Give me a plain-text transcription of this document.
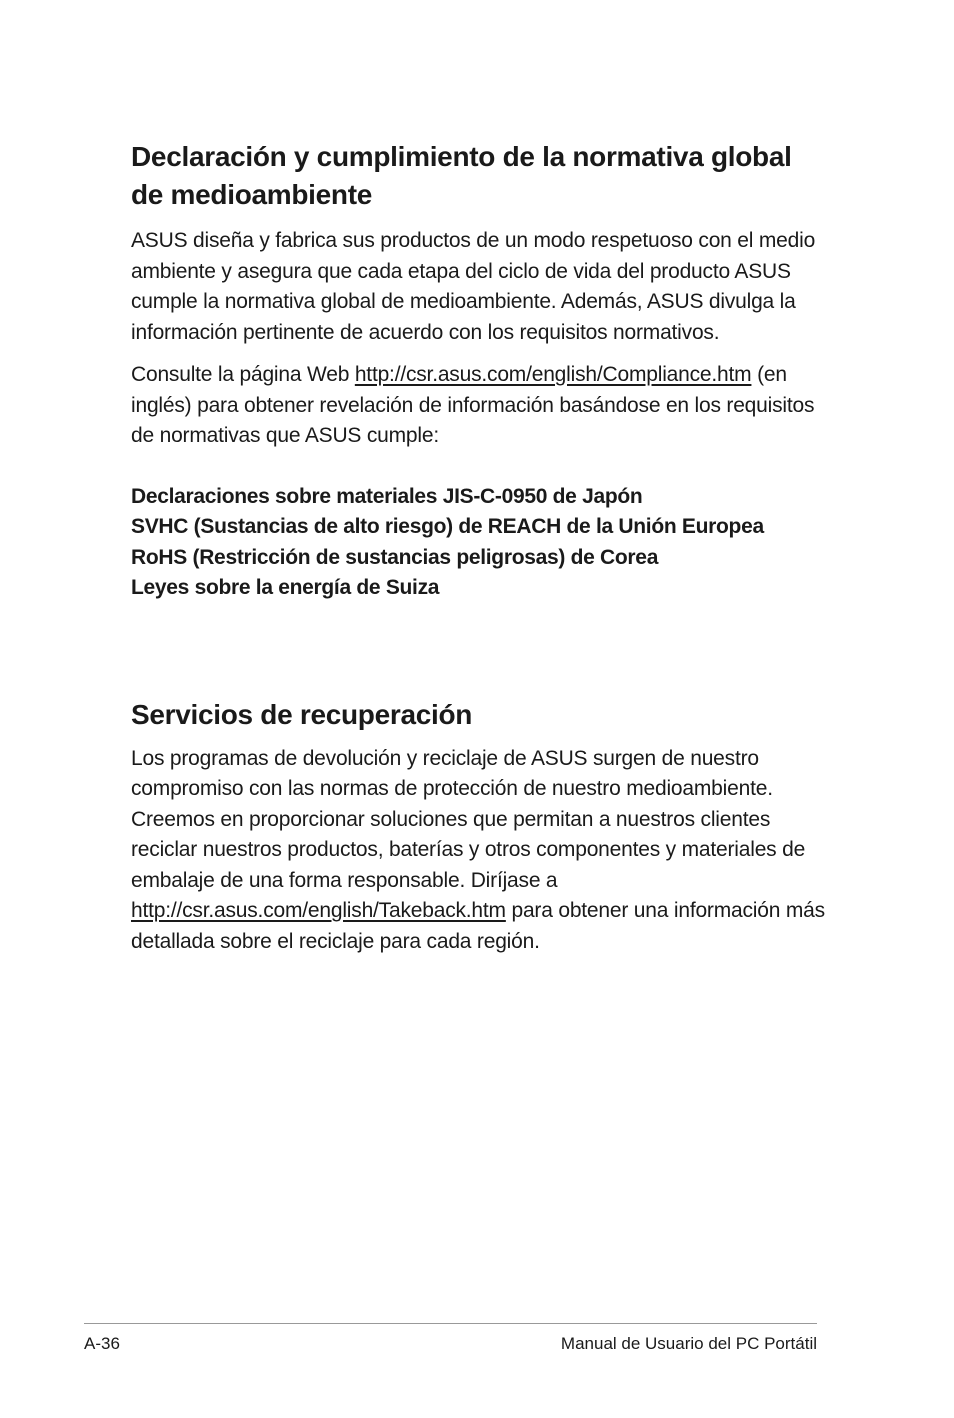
Declaración y cumplimiento de la normativa global de medioambiente

ASUS diseña y fabrica sus productos de un modo respetuoso con el medio ambiente y asegura que cada etapa del ciclo de vida del producto ASUS cumple la normativa global de medioambiente. Además, ASUS divulga la información pertinente de acuerdo con los requisitos normativos.

Consulte la página Web http://csr.asus.com/english/Compliance.htm (en inglés) para obtener revelación de información basándose en los requisitos de normativas que ASUS cumple:

Declaraciones sobre materiales JIS-C-0950 de Japón
SVHC (Sustancias de alto riesgo) de REACH de la Unión Europea
RoHS (Restricción de sustancias peligrosas) de Corea
Leyes sobre la energía de Suiza
Servicios de recuperación

Los programas de devolución y reciclaje de ASUS surgen de nuestro compromiso con las normas de protección de nuestro medioambiente. Creemos en proporcionar soluciones que permitan a nuestros clientes reciclar nuestros productos, baterías y otros componentes y materiales de embalaje de una forma responsable. Diríjase a http://csr.asus.com/english/Takeback.htm para obtener una información más detallada sobre el reciclaje para cada región.

A-36	Manual de Usuario del PC Portátil
